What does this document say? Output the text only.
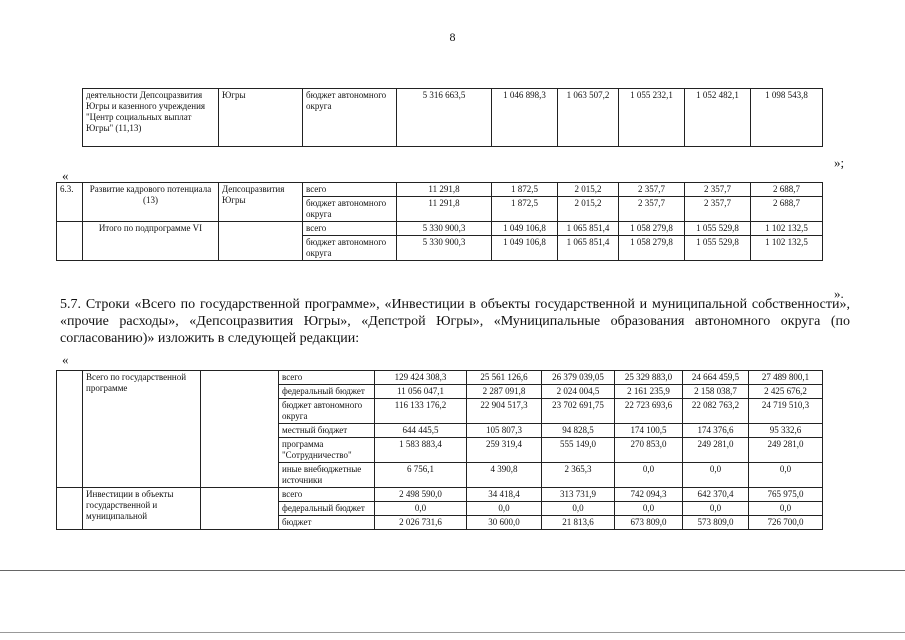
8
деятельности Депсоцразвития Югры и казенного учреждения "Центр социальных выплат Югры" (11,13)	Югры	бюджет автономного округа	5 316 663,5	1 046 898,3	1 063 507,2	1 055 232,1	1 052 482,1	1 098 543,8
»;
«
6.3.	Развитие кадрового потенциала (13)	Депсоцразвития Югры	всего	11 291,8	1 872,5	2 015,2	2 357,7	2 357,7	2 688,7
			бюджет автономного округа	11 291,8	1 872,5	2 015,2	2 357,7	2 357,7	2 688,7
	Итого по подпрограмме VI		всего	5 330 900,3	1 049 106,8	1 065 851,4	1 058 279,8	1 055 529,8	1 102 132,5
			бюджет автономного округа	5 330 900,3	1 049 106,8	1 065 851,4	1 058 279,8	1 055 529,8	1 102 132,5
».

5.7. Строки «Всего по государственной программе», «Инвестиции в объекты государственной и муниципальной собственности», «прочие расходы», «Депсоцразвития Югры», «Депстрой Югры», «Муниципальные образования автономного округа (по согласованию)» изложить в следующей редакции:

«
	Всего по государственной программе		всего	129 424 308,3	25 561 126,6	26 379 039,05	25 329 883,0	24 664 459,5	27 489 800,1
			федеральный бюджет	11 056 047,1	2 287 091,8	2 024 004,5	2 161 235,9	2 158 038,7	2 425 676,2
			бюджет автономного округа	116 133 176,2	22 904 517,3	23 702 691,75	22 723 693,6	22 082 763,2	24 719 510,3
			местный бюджет	644 445,5	105 807,3	94 828,5	174 100,5	174 376,6	95 332,6
			программа "Сотрудничество"	1 583 883,4	259 319,4	555 149,0	270 853,0	249 281,0	249 281,0
			иные внебюджетные источники	6 756,1	4 390,8	2 365,3	0,0	0,0	0,0
	Инвестиции в объекты государственной и муниципальной		всего	2 498 590,0	34 418,4	313 731,9	742 094,3	642 370,4	765 975,0
			федеральный бюджет	0,0	0,0	0,0	0,0	0,0	0,0
			бюджет	2 026 731,6	30 600,0	21 813,6	673 809,0	573 809,0	726 700,0
